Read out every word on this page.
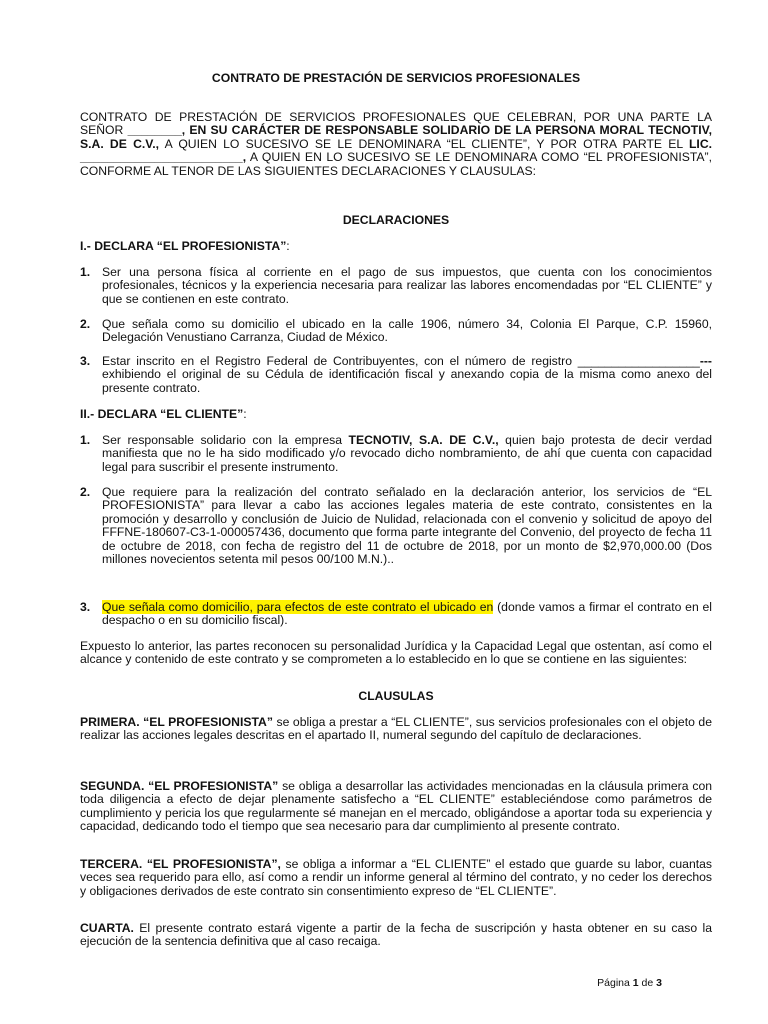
CONTRATO DE PRESTACIÓN DE SERVICIOS PROFESIONALES
CONTRATO DE PRESTACIÓN DE SERVICIOS PROFESIONALES QUE CELEBRAN, POR UNA PARTE LA SEÑOR ________, EN SU CARÁCTER DE RESPONSABLE SOLIDARIO DE LA PERSONA MORAL TECNOTIV, S.A. DE C.V., A QUIEN LO SUCESIVO SE LE DENOMINARA “EL CLIENTE”, Y POR OTRA PARTE EL LIC. ________________________, A QUIEN EN LO SUCESIVO SE LE DENOMINARA COMO “EL PROFESIONISTA”, CONFORME AL TENOR DE LAS SIGUIENTES DECLARACIONES Y CLAUSULAS:
DECLARACIONES
I.- DECLARA “EL PROFESIONISTA”:
1. Ser una persona física al corriente en el pago de sus impuestos, que cuenta con los conocimientos profesionales, técnicos y la experiencia necesaria para realizar las labores encomendadas por “EL CLIENTE” y que se contienen en este contrato.
2. Que señala como su domicilio el ubicado en la calle 1906, número 34, Colonia El Parque, C.P. 15960, Delegación Venustiano Carranza, Ciudad de México.
3. Estar inscrito en el Registro Federal de Contribuyentes, con el número de registro __________________---exhibiendo el original de su Cédula de identificación fiscal y anexando copia de la misma como anexo del presente contrato.
II.- DECLARA “EL CLIENTE”:
1. Ser responsable solidario con la empresa TECNOTIV, S.A. DE C.V., quien bajo protesta de decir verdad manifiesta que no le ha sido modificado y/o revocado dicho nombramiento, de ahí que cuenta con capacidad legal para suscribir el presente instrumento.
2. Que requiere para la realización del contrato señalado en la declaración anterior, los servicios de “EL PROFESIONISTA” para llevar a cabo las acciones legales materia de este contrato, consistentes en la promoción y desarrollo y conclusión de Juicio de Nulidad, relacionada con el convenio y solicitud de apoyo del FFFNE-180607-C3-1-000057436, documento que forma parte integrante del Convenio, del proyecto de fecha 11 de octubre de 2018, con fecha de registro del 11 de octubre de 2018, por un monto de $2,970,000.00 (Dos millones novecientos setenta mil pesos 00/100 M.N.)..
3. Que señala como domicilio, para efectos de este contrato el ubicado en (donde vamos a firmar el contrato en el despacho o en su domicilio fiscal).
Expuesto lo anterior, las partes reconocen su personalidad Jurídica y la Capacidad Legal que ostentan, así como el alcance y contenido de este contrato y se comprometen a lo establecido en lo que se contiene en las siguientes:
CLAUSULAS
PRIMERA. “EL PROFESIONISTA” se obliga a prestar a “EL CLIENTE”, sus servicios profesionales con el objeto de realizar las acciones legales descritas en el apartado II, numeral segundo del capítulo de declaraciones.
SEGUNDA. “EL PROFESIONISTA” se obliga a desarrollar las actividades mencionadas en la cláusula primera con toda diligencia a efecto de dejar plenamente satisfecho a “EL CLIENTE” estableciéndose como parámetros de cumplimiento y pericia los que regularmente sé manejan en el mercado, obligándose a aportar toda su experiencia y capacidad, dedicando todo el tiempo que sea necesario para dar cumplimiento al presente contrato.
TERCERA. “EL PROFESIONISTA”, se obliga a informar a “EL CLIENTE” el estado que guarde su labor, cuantas veces sea requerido para ello, así como a rendir un informe general al término del contrato, y no ceder los derechos y obligaciones derivados de este contrato sin consentimiento expreso de “EL CLIENTE”.
CUARTA. El presente contrato estará vigente a partir de la fecha de suscripción y hasta obtener en su caso la ejecución de la sentencia definitiva que al caso recaiga.
Página 1 de 3
